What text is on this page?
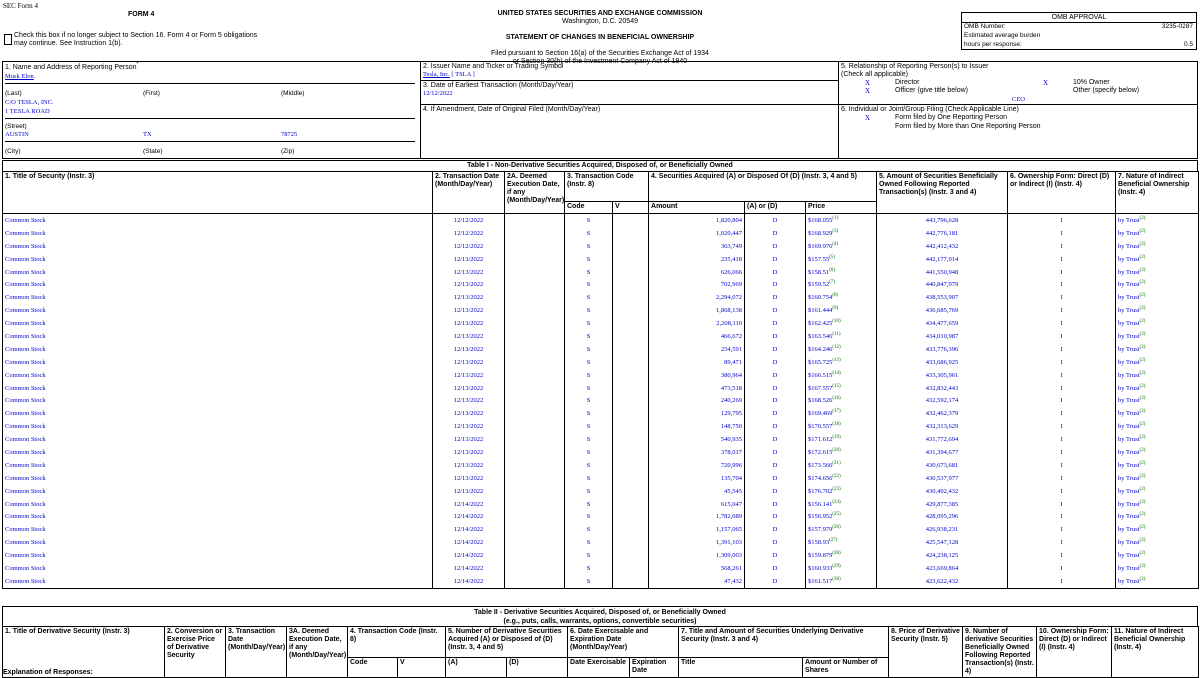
SEC Form 4
FORM 4	UNITED STATES SECURITIES AND EXCHANGE COMMISSION
Washington, D.C. 20549
STATEMENT OF CHANGES IN BENEFICIAL OWNERSHIP
Filed pursuant to Section 16(a) of the Securities Exchange Act of 1934
or Section 30(h) of the Investment Company Act of 1940
Check this box if no longer subject to Section 16. Form 4 or Form 5 obligations
may continue. See Instruction 1(b).
OMB APPROVAL
OMB Number:	3235-0287
Estimated average burden
hours per response:	0.5
1. Name and Address of Reporting Person*
Musk Elon
(Last)	(First)	(Middle)
C/O TESLA, INC.
1 TESLA ROAD
(Street)
AUSTIN	TX	78725
(City)	(State)	(Zip)
2. Issuer Name and Ticker or Trading Symbol
Tesla, Inc. [ TSLA ]
3. Date of Earliest Transaction (Month/Day/Year)
12/12/2022
4. If Amendment, Date of Original Filed (Month/Day/Year)
5. Relationship of Reporting Person(s) to Issuer
(Check all applicable)
X	Director	X	10% Owner
X	Officer (give title below)	Other (specify below)
CEO
6. Individual or Joint/Group Filing (Check Applicable Line)
X	Form filed by One Reporting Person
Form filed by More than One Reporting Person
Table I - Non-Derivative Securities Acquired, Disposed of, or Beneficially Owned
1. Title of Security (Instr. 3)	2. Transaction Date (Month/Day/Year)	2A. Deemed Execution Date, if any (Month/Day/Year)	3. Transaction Code (Instr. 8)		4. Securities Acquired (A) or Disposed Of (D) (Instr. 3, 4 and 5)			5. Amount of Securities Beneficially Owned Following Reported Transaction(s) (Instr. 3 and 4)	6. Ownership Form: Direct (D) or Indirect (I) (Instr. 4)	7. Nature of Indirect Beneficial Ownership (Instr. 4)
			Code	V	Amount	(A) or (D)	Price			
Common Stock	12/12/2022		S		1,820,804	D	$168.055$^{(1)}$	443,796,628	I	by Trust$^{(2)}$
Common Stock	12/12/2022		S		1,020,447	D	$168.929$^{(3)}$	442,776,181	I	by Trust$^{(2)}$
Common Stock	12/12/2022		S		363,749	D	$169.976$^{(4)}$	442,412,432	I	by Trust$^{(2)}$
Common Stock	12/13/2022		S		235,418	D	$157.55$^{(5)}$	442,177,014	I	by Trust$^{(2)}$
Common Stock	12/13/2022		S		626,066	D	$158.51$^{(6)}$	441,550,948	I	by Trust$^{(2)}$
Common Stock	12/13/2022		S		702,969	D	$159.52$^{(7)}$	440,847,979	I	by Trust$^{(2)}$
Common Stock	12/13/2022		S		2,294,072	D	$160.754$^{(8)}$	438,553,907	I	by Trust$^{(2)}$
Common Stock	12/13/2022		S		1,868,138	D	$161.444$^{(9)}$	436,685,769	I	by Trust$^{(2)}$
Common Stock	12/13/2022		S		2,208,110	D	$162.425$^{(10)}$	434,477,659	I	by Trust$^{(2)}$
Common Stock	12/13/2022		S		466,672	D	$163.546$^{(11)}$	434,010,987	I	by Trust$^{(2)}$
Common Stock	12/13/2022		S		234,591	D	$164.246$^{(12)}$	433,776,396	I	by Trust$^{(2)}$
Common Stock	12/13/2022		S		89,471	D	$165.725$^{(13)}$	433,686,925	I	by Trust$^{(2)}$
Common Stock	12/13/2022		S		380,964	D	$166.515$^{(14)}$	433,305,961	I	by Trust$^{(2)}$
Common Stock	12/13/2022		S		473,518	D	$167.557$^{(15)}$	432,832,443	I	by Trust$^{(2)}$
Common Stock	12/13/2022		S		240,269	D	$168.526$^{(16)}$	432,592,174	I	by Trust$^{(2)}$
Common Stock	12/13/2022		S		129,795	D	$169.469$^{(17)}$	432,462,379	I	by Trust$^{(2)}$
Common Stock	12/13/2022		S		148,750	D	$170.557$^{(18)}$	432,313,629	I	by Trust$^{(2)}$
Common Stock	12/13/2022		S		540,935	D	$171.612$^{(19)}$	431,772,694	I	by Trust$^{(2)}$
Common Stock	12/13/2022		S		378,017	D	$172.615$^{(20)}$	431,394,677	I	by Trust$^{(2)}$
Common Stock	12/13/2022		S		720,996	D	$173.566$^{(21)}$	430,673,681	I	by Trust$^{(2)}$
Common Stock	12/13/2022		S		135,704	D	$174.656$^{(22)}$	430,537,977	I	by Trust$^{(2)}$
Common Stock	12/13/2022		S		45,545	D	$176.702$^{(23)}$	430,492,432	I	by Trust$^{(2)}$
Common Stock	12/14/2022		S		615,047	D	$156.141$^{(24)}$	429,877,385	I	by Trust$^{(2)}$
Common Stock	12/14/2022		S		1,782,089	D	$156.952$^{(25)}$	428,095,296	I	by Trust$^{(2)}$
Common Stock	12/14/2022		S		1,157,065	D	$157.979$^{(26)}$	426,938,231	I	by Trust$^{(2)}$
Common Stock	12/14/2022		S		1,391,103	D	$158.93$^{(27)}$	425,547,128	I	by Trust$^{(2)}$
Common Stock	12/14/2022		S		1,309,003	D	$159.879$^{(28)}$	424,238,125	I	by Trust$^{(2)}$
Common Stock	12/14/2022		S		568,261	D	$160.933$^{(29)}$	423,669,864	I	by Trust$^{(2)}$
Common Stock	12/14/2022		S		47,432	D	$161.517$^{(30)}$	423,622,432	I	by Trust$^{(2)}$
Table II - Derivative Securities Acquired, Disposed of, or Beneficially Owned
(e.g., puts, calls, warrants, options, convertible securities)
1. Title of Derivative Security (Instr. 3)	2. Conversion or Exercise Price of Derivative Security	3. Transaction Date (Month/Day/Year)	3A. Deemed Execution Date, if any (Month/Day/Year)	4. Transaction Code (Instr. 8)		5. Number of Derivative Securities Acquired (A) or Disposed of (D) (Instr. 3, 4 and 5)		6. Date Exercisable and Expiration Date (Month/Day/Year)		7. Title and Amount of Securities Underlying Derivative Security (Instr. 3 and 4)		8. Price of Derivative Security (Instr. 5)	9. Number of derivative Securities Beneficially Owned Following Reported Transaction(s) (Instr. 4)	10. Ownership Form: Direct (D) or Indirect (I) (Instr. 4)	11. Nature of Indirect Beneficial Ownership (Instr. 4)
				Code	V	(A)	(D)	Date Exercisable	Expiration Date	Title	Amount or Number of Shares				
Explanation of Responses:
